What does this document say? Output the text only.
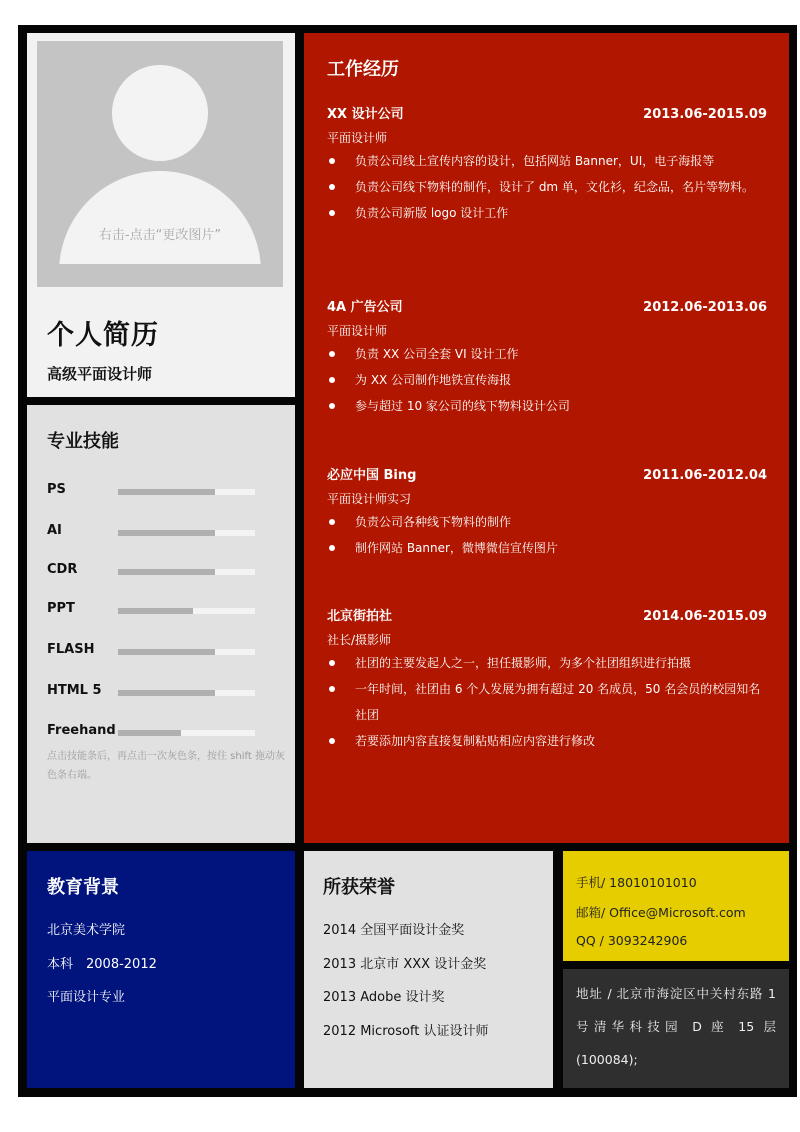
右击-点击“更改图片”
个人简历
高级平面设计师
专业技能
PS
AI
CDR
PPT
FLASH
HTML 5
Freehand
点击技能条后，再点击一次灰色条，按住 shift 拖动灰色条右端。
工作经历
XX 设计公司	2013.06-2015.09
平面设计师
负责公司线上宣传内容的设计，包括网站 Banner，UI，电子海报等
负责公司线下物料的制作，设计了 dm 单，文化衫，纪念品，名片等物料。
负责公司新版 logo 设计工作
4A 广告公司	2012.06-2013.06
平面设计师
负责 XX 公司全套 VI 设计工作
为 XX 公司制作地铁宣传海报
参与超过 10 家公司的线下物料设计公司
必应中国 Bing	2011.06-2012.04
平面设计师实习
负责公司各种线下物料的制作
制作网站 Banner，微博微信宣传图片
北京街拍社	2014.06-2015.09
社长/摄影师
社团的主要发起人之一，担任摄影师，为多个社团组织进行拍摄
一年时间，社团由 6 个人发展为拥有超过 20 名成员，50 名会员的校园知名社团
若要添加内容直接复制粘贴相应内容进行修改
教育背景
北京美术学院
本科　2008-2012
平面设计专业
所获荣誉
2014 全国平面设计金奖
2013 北京市 XXX 设计金奖
2013 Adobe 设计奖
2012 Microsoft 认证设计师
手机/ 18010101010
邮箱/ Office@Microsoft.com
QQ / 3093242906
地址 / 北京市海淀区中关村东路 1 号清华科技园 D 座 15 层 (100084);
